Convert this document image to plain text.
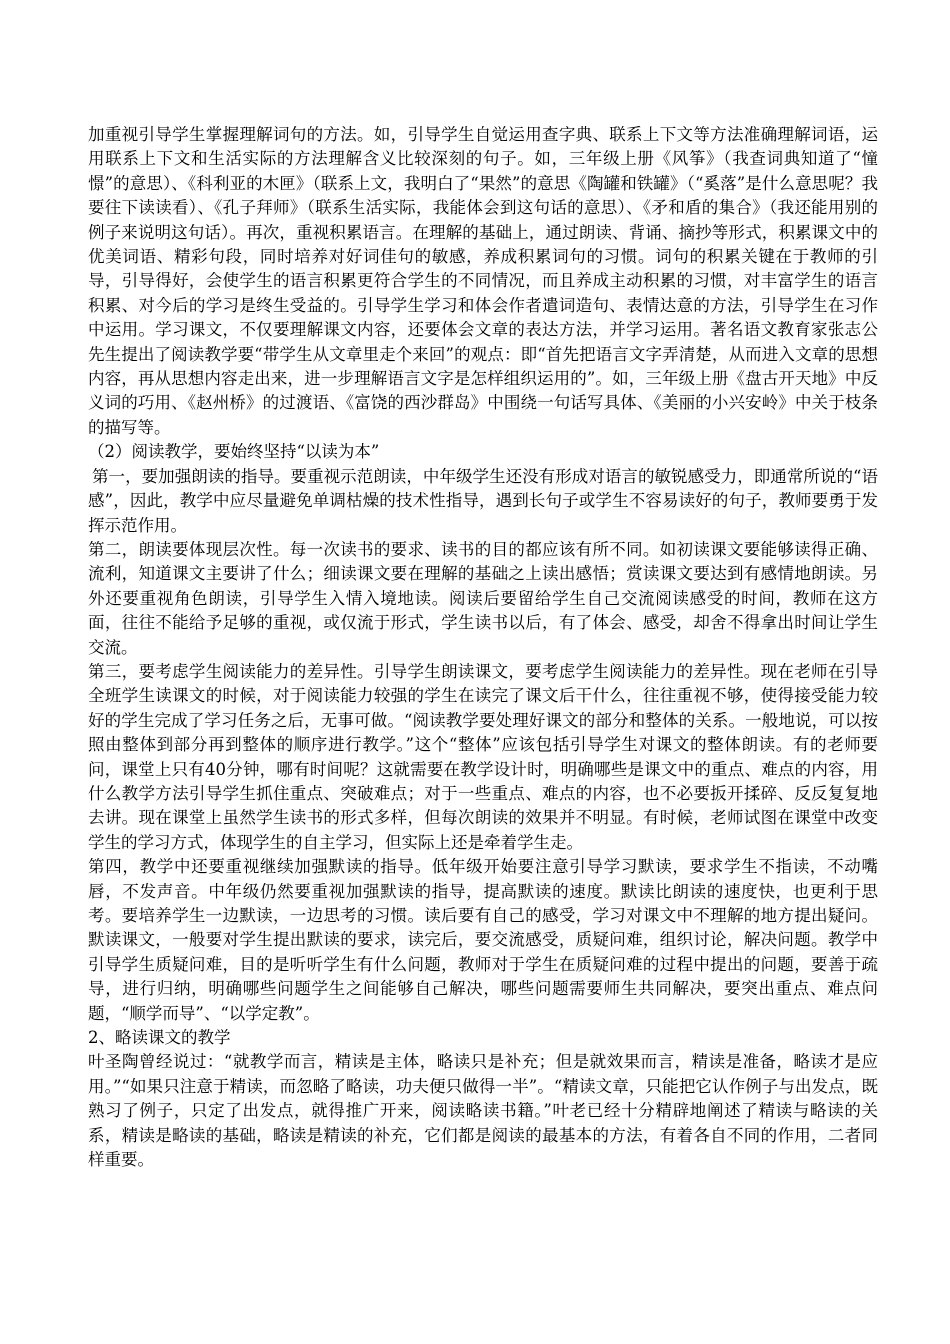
加重视引导学生掌握理解词句的方法。如，引导学生自觉运用查字典、联系上下文等方法准确理解词语，运用联系上下文和生活实际的方法理解含义比较深刻的句子。如，三年级上册《风筝》（我查词典知道了“憧憬”的意思）、《科利亚的木匣》（联系上文，我明白了“果然”的意思《陶罐和铁罐》（“奚落”是什么意思呢？我要往下读读看）、《孔子拜师》（联系生活实际，我能体会到这句话的意思）、《矛和盾的集合》（我还能用别的例子来说明这句话）。再次，重视积累语言。在理解的基础上，通过朗读、背诵、摘抄等形式，积累课文中的优美词语、精彩句段，同时培养对好词佳句的敏感，养成积累词句的习惯。词句的积累关键在于教师的引导，引导得好，会使学生的语言积累更符合学生的不同情况，而且养成主动积累的习惯，对丰富学生的语言积累、对今后的学习是终生受益的。引导学生学习和体会作者遣词造句、表情达意的方法，引导学生在习作中运用。学习课文，不仅要理解课文内容，还要体会文章的表达方法，并学习运用。著名语文教育家张志公先生提出了阅读教学要“带学生从文章里走个来回”的观点：即“首先把语言文字弄清楚，从而进入文章的思想内容，再从思想内容走出来，进一步理解语言文字是怎样组织运用的”。如，三年级上册《盘古开天地》中反义词的巧用、《赵州桥》的过渡语、《富饶的西沙群岛》中围绕一句话写具体、《美丽的小兴安岭》中关于枝条的描写等。

（2）阅读教学，要始终坚持“以读为本”

第一，要加强朗读的指导。要重视示范朗读，中年级学生还没有形成对语言的敏锐感受力，即通常所说的“语感”，因此，教学中应尽量避免单调枯燥的技术性指导，遇到长句子或学生不容易读好的句子，教师要勇于发挥示范作用。

第二，朗读要体现层次性。每一次读书的要求、读书的目的都应该有所不同。如初读课文要能够读得正确、流利，知道课文主要讲了什么；细读课文要在理解的基础之上读出感悟；赏读课文要达到有感情地朗读。另外还要重视角色朗读，引导学生入情入境地读。阅读后要留给学生自己交流阅读感受的时间，教师在这方面，往往不能给予足够的重视，或仅流于形式，学生读书以后，有了体会、感受，却舍不得拿出时间让学生交流。

第三，要考虑学生阅读能力的差异性。引导学生朗读课文，要考虑学生阅读能力的差异性。现在老师在引导全班学生读课文的时候，对于阅读能力较强的学生在读完了课文后干什么，往往重视不够，使得接受能力较好的学生完成了学习任务之后，无事可做。“阅读教学要处理好课文的部分和整体的关系。一般地说，可以按照由整体到部分再到整体的顺序进行教学。”这个“整体”应该包括引导学生对课文的整体朗读。有的老师要问，课堂上只有40分钟，哪有时间呢？这就需要在教学设计时，明确哪些是课文中的重点、难点的内容，用什么教学方法引导学生抓住重点、突破难点；对于一些重点、难点的内容，也不必要扳开揉碎、反反复复地去讲。现在课堂上虽然学生读书的形式多样，但每次朗读的效果并不明显。有时候，老师试图在课堂中改变学生的学习方式，体现学生的自主学习，但实际上还是牵着学生走。

第四，教学中还要重视继续加强默读的指导。低年级开始要注意引导学习默读，要求学生不指读，不动嘴唇，不发声音。中年级仍然要重视加强默读的指导，提高默读的速度。默读比朗读的速度快，也更利于思考。要培养学生一边默读，一边思考的习惯。读后要有自己的感受，学习对课文中不理解的地方提出疑问。默读课文，一般要对学生提出默读的要求，读完后，要交流感受，质疑问难，组织讨论，解决问题。教学中引导学生质疑问难，目的是听听学生有什么问题，教师对于学生在质疑问难的过程中提出的问题，要善于疏导，进行归纳，明确哪些问题学生之间能够自己解决，哪些问题需要师生共同解决，要突出重点、难点问题，“顺学而导”、“以学定教”。

2、略读课文的教学

叶圣陶曾经说过：“就教学而言，精读是主体，略读只是补充；但是就效果而言，精读是准备，略读才是应用。”“如果只注意于精读，而忽略了略读，功夫便只做得一半”。“精读文章，只能把它认作例子与出发点，既熟习了例子，只定了出发点，就得推广开来，阅读略读书籍。”叶老已经十分精辟地阐述了精读与略读的关系，精读是略读的基础，略读是精读的补充，它们都是阅读的最基本的方法，有着各自不同的作用，二者同样重要。
